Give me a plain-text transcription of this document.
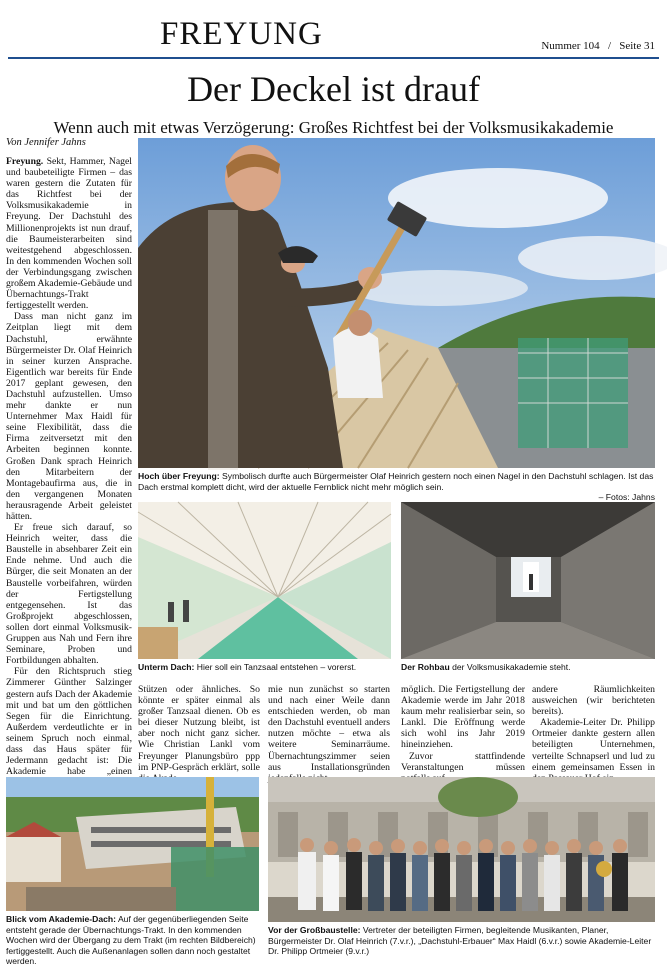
FREYUNG	Nummer 104 / Seite 31
Der Deckel ist drauf
Wenn auch mit etwas Verzögerung: Großes Richtfest bei der Volksmusikakademie
Von Jennifer Jahns

Freyung. Sekt, Hammer, Nagel und baubeteiligte Firmen – das waren gestern die Zutaten für das Richtfest bei der Volksmusikakademie in Freyung. Der Dachstuhl des Millionenprojekts ist nun drauf, die Baumeisterarbeiten sind weitestgehend abgeschlossen. In den kommenden Wochen soll der Verbindungsgang zwischen großem Akademie-Gebäude und Übernachtungs-Trakt fertiggestellt werden.

Dass man nicht ganz im Zeitplan liegt mit dem Dachstuhl, erwähnte Bürgermeister Dr. Olaf Heinrich in seiner kurzen Ansprache. Eigentlich war bereits für Ende 2017 geplant gewesen, den Dachstuhl aufzustellen. Umso mehr dankte er nun Unternehmer Max Haidl für seine Flexibilität, dass die Firma zeitversetzt mit den Arbeiten beginnen konnte. Großen Dank sprach Heinrich den Mitarbeitern der Montagebaufirma aus, die in den vergangenen Monaten herausragende Arbeit geleistet hätten.

Er freue sich darauf, so Heinrich weiter, dass die Baustelle in absehbarer Zeit ein Ende nehme. Und auch die Bürger, die seit Monaten an der Baustelle vorbeifahren, würden der Fertigstellung entgegensehen. Ist das Großprojekt abgeschlossen, sollen dort einmal Volksmusik-Gruppen aus Nah und Fern ihre Seminare, Proben und Fortbildungen abhalten.

Für den Richtspruch stieg Zimmerer Günther Salzinger gestern aufs Dach der Akademie mit und bat um den göttlichen Segen für die Einrichtung. Außerdem verdeutlichte er in seinem Spruch noch einmal, dass das Haus später für Jedermann gedacht ist: Die Akademie habe „einen

Hoch über Freyung: Symbolisch durfte auch Bürgermeister Olaf Heinrich gestern noch einen Nagel in den Dachstuhl schlagen. Ist das Dach erstmal komplett dicht, wird der aktuelle Fernblick nicht mehr möglich sein.
– Fotos: Jahns
Unterm Dach: Hier soll ein Tanzsaal entstehen – vorerst.	Der Rohbau der Volksmusikakademie steht.

Stützen oder ähnliches. So könnte er später einmal als großer Tanzsaal dienen. Ob es bei dieser Nutzung bleibt, ist aber noch nicht ganz sicher. Wie Christian Lankl vom Freyunger Planungsbüro ppp im PNP-Gespräch erklärt, solle

mie nun zunächst so starten und nach einer Weile dann entschieden werden, ob man den Dachstuhl eventuell anders nutzen möchte – etwa als weitere Seminarräume. Übernachtungszimmer seien aus Installationsgründen

möglich. Die Fertigstellung der Akademie werde im Jahr 2018 kaum mehr realisierbar sein, so Lankl. Die Eröffnung werde sich wohl ins Jahr 2019 hineinziehen.

Zuvor stattfindende Veranstaltungen müssen

andere Räumlichkeiten ausweichen (wir berichteten bereits).

Akademie-Leiter Dr. Philipp Ortmeier dankte gestern allen beteiligten Unternehmen, verteilte Schnapserl und lud zu einem gemeinsamen Essen in

Blick vom Akademie-Dach: Auf der gegenüberliegenden Seite entsteht gerade der Übernachtungs-Trakt. In den kommenden Wochen wird der Übergang zu dem Trakt (im rechten Bildbereich) fertiggestellt. Auch die Außenanlagen sollen dann noch gestaltet werden.
Vor der Großbaustelle: Vertreter der beteiligten Firmen, begleitende Musikanten, Planer, Bürgermeister Dr. Olaf Heinrich (7.v.r.), „Dachstuhl-Erbauer“ Max Haidl (6.v.r.) sowie Akademie-Leiter Dr. Philipp Ortmeier (9.v.r.)
